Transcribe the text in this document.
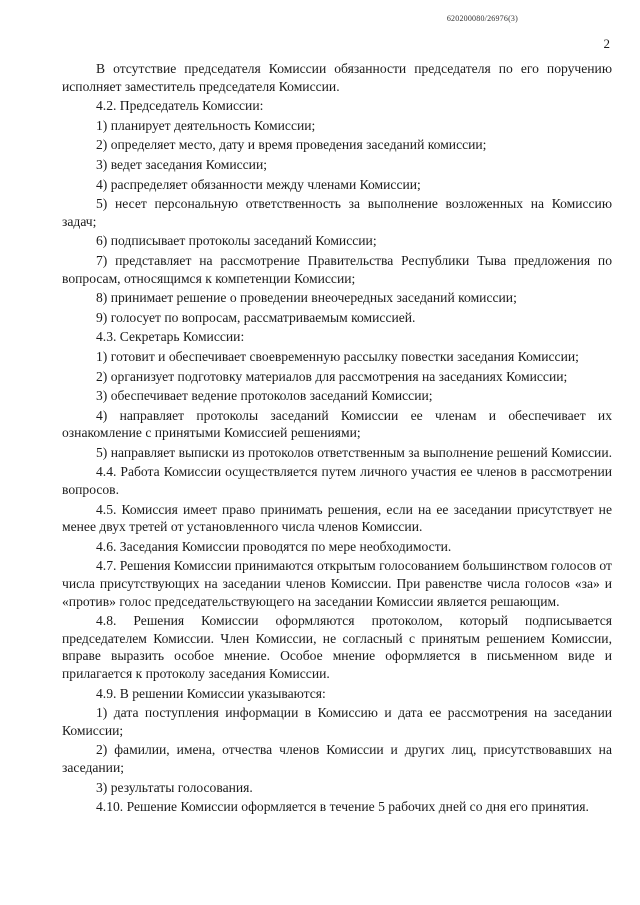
620200080/26976(3)
2

В отсутствие председателя Комиссии обязанности председателя по его поручению исполняет заместитель председателя Комиссии.

4.2. Председатель Комиссии:

1) планирует деятельность Комиссии;

2) определяет место, дату и время проведения заседаний комиссии;

3) ведет заседания Комиссии;

4) распределяет обязанности между членами Комиссии;

5) несет персональную ответственность за выполнение возложенных на Комиссию задач;

6) подписывает протоколы заседаний Комиссии;

7) представляет на рассмотрение Правительства Республики Тыва предложения по вопросам, относящимся к компетенции Комиссии;

8) принимает решение о проведении внеочередных заседаний комиссии;

9) голосует по вопросам, рассматриваемым комиссией.

4.3. Секретарь Комиссии:

1) готовит и обеспечивает своевременную рассылку повестки заседания Комиссии;

2) организует подготовку материалов для рассмотрения на заседаниях Комиссии;

3) обеспечивает ведение протоколов заседаний Комиссии;

4) направляет протоколы заседаний Комиссии ее членам и обеспечивает их ознакомление с принятыми Комиссией решениями;

5) направляет выписки из протоколов ответственным за выполнение решений Комиссии.

4.4. Работа Комиссии осуществляется путем личного участия ее членов в рассмотрении вопросов.

4.5. Комиссия имеет право принимать решения, если на ее заседании присутствует не менее двух третей от установленного числа членов Комиссии.

4.6. Заседания Комиссии проводятся по мере необходимости.

4.7. Решения Комиссии принимаются открытым голосованием большинством голосов от числа присутствующих на заседании членов Комиссии. При равенстве числа голосов «за» и «против» голос председательствующего на заседании Комиссии является решающим.

4.8. Решения Комиссии оформляются протоколом, который подписывается председателем Комиссии. Член Комиссии, не согласный с принятым решением Комиссии, вправе выразить особое мнение. Особое мнение оформляется в письменном виде и прилагается к протоколу заседания Комиссии.

4.9. В решении Комиссии указываются:

1) дата поступления информации в Комиссию и дата ее рассмотрения на заседании Комиссии;

2) фамилии, имена, отчества членов Комиссии и других лиц, присутствовавших на заседании;

3) результаты голосования.

4.10. Решение Комиссии оформляется в течение 5 рабочих дней со дня его принятия.
